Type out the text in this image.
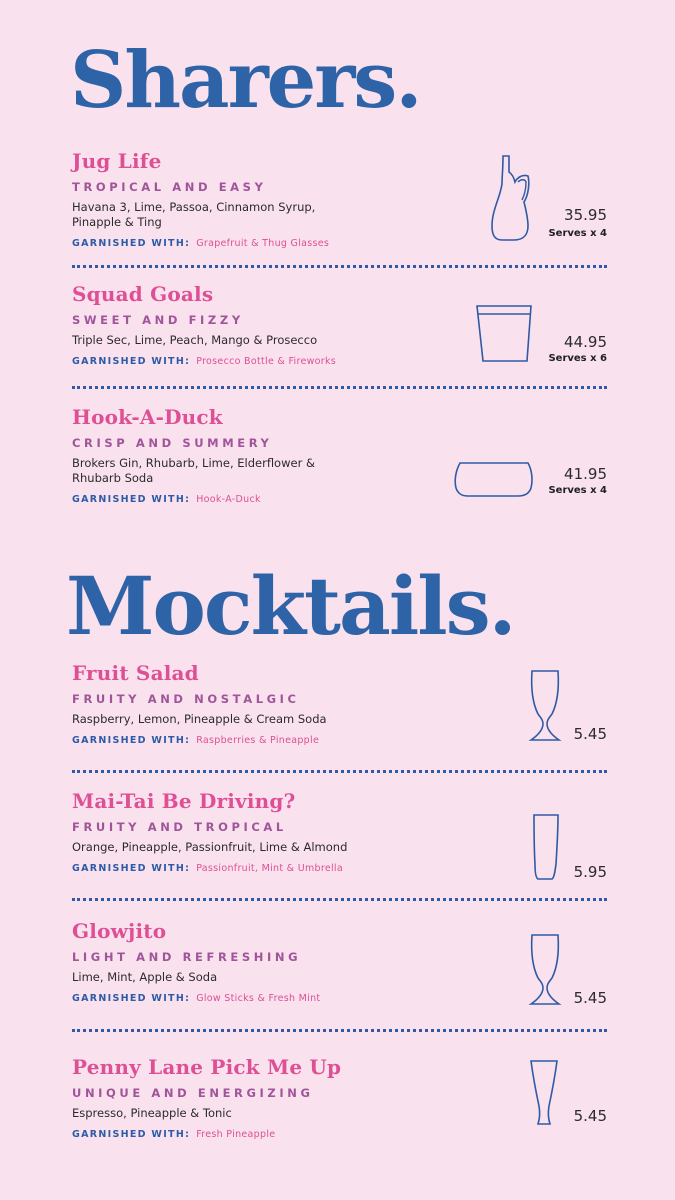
Sharers.
Jug Life
TROPICAL AND EASY
Havana 3, Lime, Passoa, Cinnamon Syrup, Pinapple & Ting
GARNISHED WITH: Grapefruit & Thug Glasses
35.95
Serves x 4
Squad Goals
SWEET AND FIZZY
Triple Sec, Lime, Peach, Mango & Prosecco
GARNISHED WITH: Prosecco Bottle & Fireworks
44.95
Serves x 6
Hook-A-Duck
CRISP AND SUMMERY
Brokers Gin, Rhubarb, Lime, Elderflower & Rhubarb Soda
GARNISHED WITH: Hook-A-Duck
41.95
Serves x 4
Mocktails.
Fruit Salad
FRUITY AND NOSTALGIC
Raspberry, Lemon, Pineapple & Cream Soda
GARNISHED WITH: Raspberries & Pineapple	5.45
Mai-Tai Be Driving?
FRUITY AND TROPICAL
Orange, Pineapple, Passionfruit, Lime & Almond
GARNISHED WITH: Passionfruit, Mint & Umbrella	5.95
Glowjito
LIGHT AND REFRESHING
Lime, Mint, Apple & Soda
GARNISHED WITH: Glow Sticks & Fresh Mint	5.45
Penny Lane Pick Me Up
UNIQUE AND ENERGIZING
Espresso, Pineapple & Tonic
GARNISHED WITH: Fresh Pineapple
5.45
